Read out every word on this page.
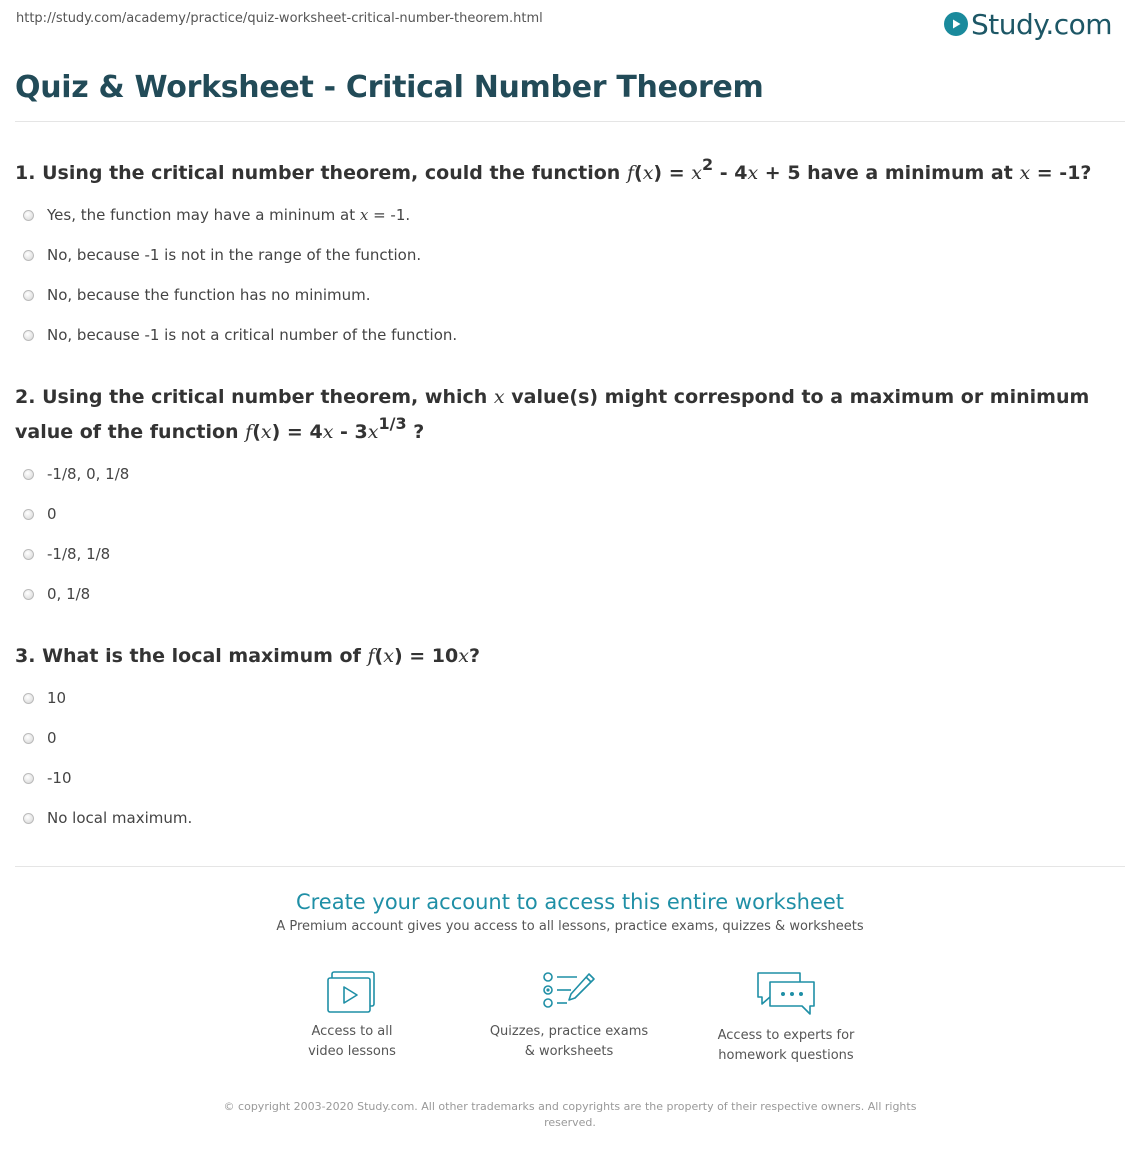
http://study.com/academy/practice/quiz-worksheet-critical-number-theorem.html	Study.com
Quiz & Worksheet - Critical Number Theorem
1. Using the critical number theorem, could the function $f(x) = x^2 - 4x + 5$ have a minimum at x = -1?
Yes, the function may have a mininum at x = -1.
No, because -1 is not in the range of the function.
No, because the function has no minimum.
No, because -1 is not a critical number of the function.
2. Using the critical number theorem, which x value(s) might correspond to a maximum or minimum value of the function $f(x) = 4x - 3x^{1/3}$ ?
-1/8, 0, 1/8
0
-1/8, 1/8
0, 1/8
3. What is the local maximum of f(x) = 10x?
10
0
-10
No local maximum.
Create your account to access this entire worksheet
A Premium account gives you access to all lessons, practice exams, quizzes & worksheets
Access to all
video lessons
Quizzes, practice exams
& worksheets
Access to experts for
homework questions
© copyright 2003-2020 Study.com. All other trademarks and copyrights are the property of their respective owners. All rights reserved.
